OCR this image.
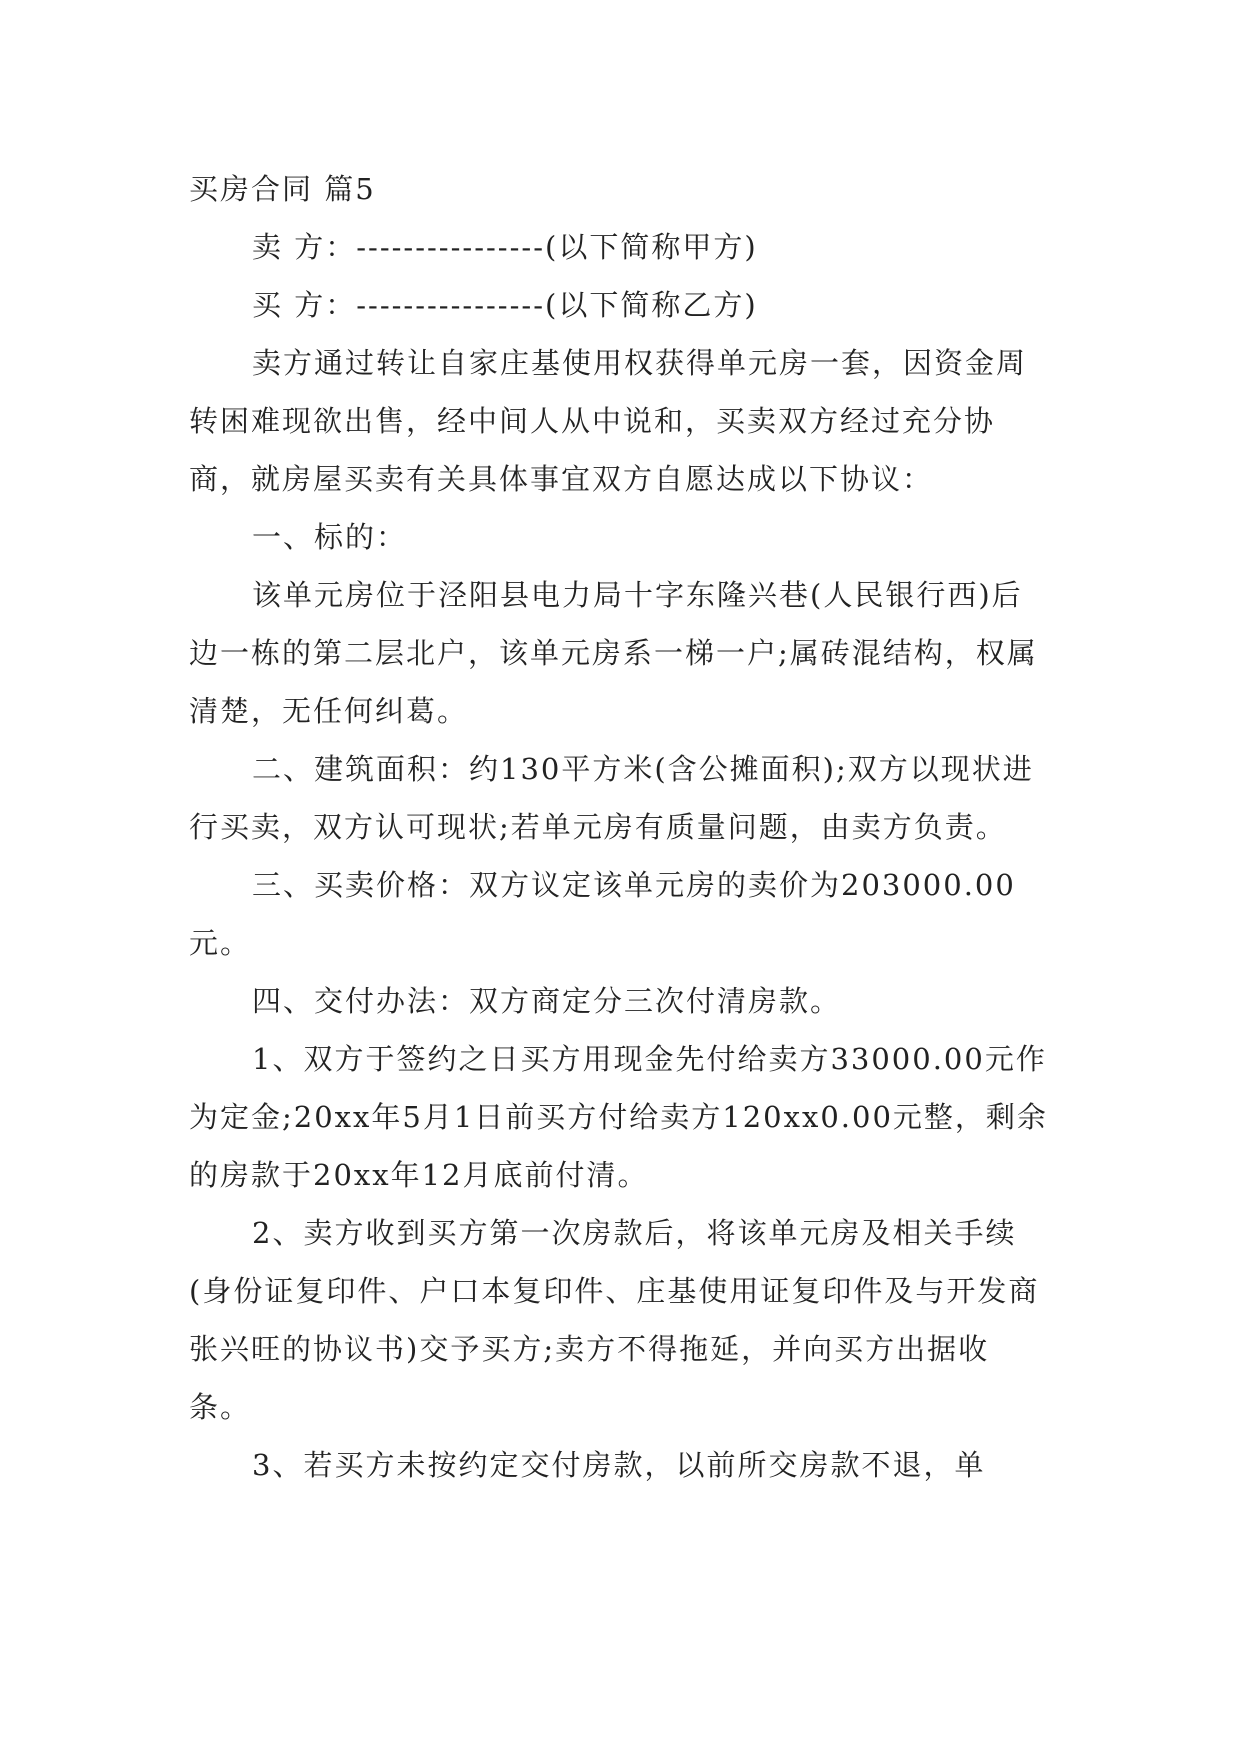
买房合同 篇5

卖 方：----------------(以下简称甲方)

买 方：----------------(以下简称乙方)

卖方通过转让自家庄基使用权获得单元房一套，因资金周转困难现欲出售，经中间人从中说和，买卖双方经过充分协商，就房屋买卖有关具体事宜双方自愿达成以下协议：

一、标的：

该单元房位于泾阳县电力局十字东隆兴巷(人民银行西)后边一栋的第二层北户，该单元房系一梯一户;属砖混结构，权属清楚，无任何纠葛。

二、建筑面积：约130平方米(含公摊面积);双方以现状进行买卖，双方认可现状;若单元房有质量问题，由卖方负责。

三、买卖价格：双方议定该单元房的卖价为203000.00元。

四、交付办法：双方商定分三次付清房款。

1、双方于签约之日买方用现金先付给卖方33000.00元作为定金;20xx年5月1日前买方付给卖方120xx0.00元整，剩余的房款于20xx年12月底前付清。

2、卖方收到买方第一次房款后，将该单元房及相关手续(身份证复印件、户口本复印件、庄基使用证复印件及与开发商张兴旺的协议书)交予买方;卖方不得拖延，并向买方出据收条。

3、若买方未按约定交付房款，以前所交房款不退，单
